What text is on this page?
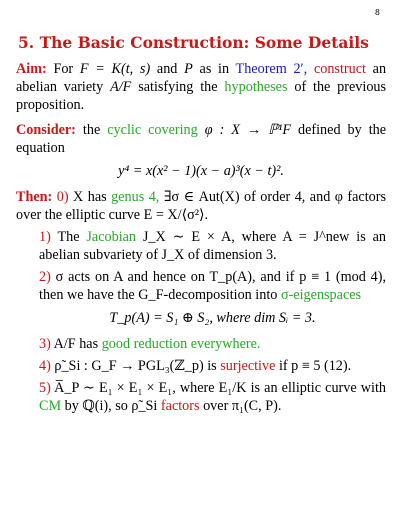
8
5. The Basic Construction: Some Details
Aim: For F = K(t, s) and P as in Theorem 2′, construct an abelian variety A/F satisfying the hypotheses of the previous proposition.
Consider: the cyclic covering φ : X → ℙ¹F defined by the equation
y⁴ = x(x² − 1)(x − a)³(x − t)².
Then: 0) X has genus 4, ∃σ ∈ Aut(X) of order 4, and φ factors over the elliptic curve E = X/⟨σ²⟩.
1) The Jacobian J_X ∼ E × A, where A = J^new is an abelian subvariety of J_X of dimension 3.
2) σ acts on A and hence on T_p(A), and if p ≡ 1 (mod 4), then we have the G_F-decomposition into σ-eigenspaces
T_p(A) = S₁ ⊕ S₂, where dim Sᵢ = 3.
3) A/F has good reduction everywhere.
4) ρ̃_Si : G_F → PGL₃(ℤ_p) is surjective if p ≡ 5 (12).
5) A̅_P ∼ E₁ × E₁ × E₁, where E₁/K is an elliptic curve with CM by ℚ(i), so ρ̃_Si factors over π₁(C, P).
